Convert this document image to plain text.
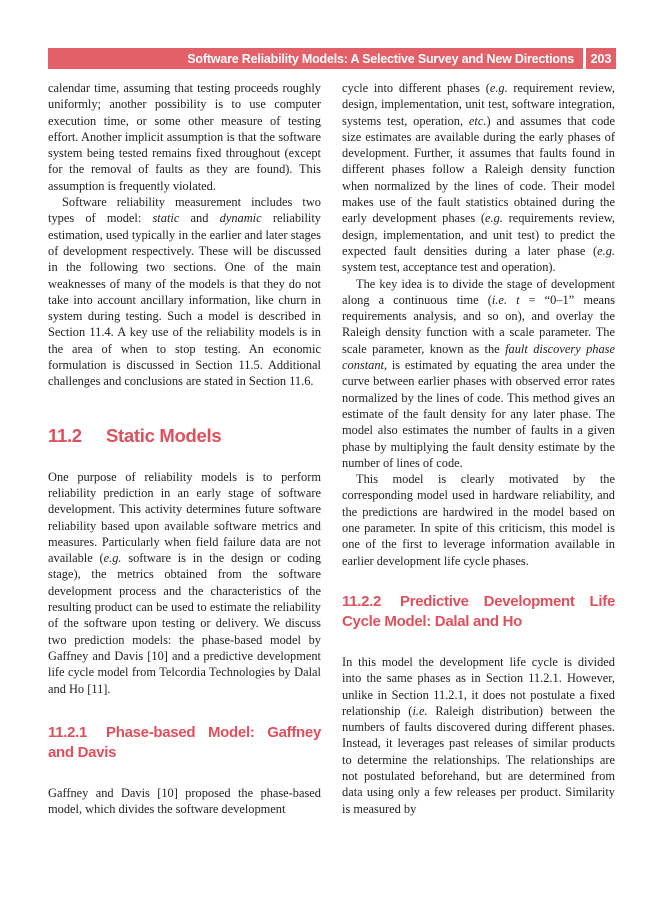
Software Reliability Models: A Selective Survey and New Directions	203

calendar time, assuming that testing proceeds roughly uniformly; another possibility is to use computer execution time, or some other measure of testing effort. Another implicit assumption is that the software system being tested remains fixed throughout (except for the removal of faults as they are found). This assumption is frequently violated.

Software reliability measurement includes two types of model: static and dynamic reliability estimation, used typically in the earlier and later stages of development respectively. These will be discussed in the following two sections. One of the main weaknesses of many of the models is that they do not take into account ancillary information, like churn in system during testing. Such a model is described in Section 11.4. A key use of the reliability models is in the area of when to stop testing. An economic formulation is discussed in Section 11.5. Additional challenges and conclusions are stated in Section 11.6.

11.2 Static Models

One purpose of reliability models is to perform reliability prediction in an early stage of software development. This activity determines future software reliability based upon available software metrics and measures. Particularly when field failure data are not available (e.g. software is in the design or coding stage), the metrics obtained from the software development process and the characteristics of the resulting product can be used to estimate the reliability of the software upon testing or delivery. We discuss two prediction models: the phase-based model by Gaffney and Davis [10] and a predictive development life cycle model from Telcordia Technologies by Dalal and Ho [11].

11.2.1 Phase-based Model: Gaffney and Davis

Gaffney and Davis [10] proposed the phase-based model, which divides the software development

cycle into different phases (e.g. requirement review, design, implementation, unit test, software integration, systems test, operation, etc.) and assumes that code size estimates are available during the early phases of development. Further, it assumes that faults found in different phases follow a Raleigh density function when normalized by the lines of code. Their model makes use of the fault statistics obtained during the early development phases (e.g. requirements review, design, implementation, and unit test) to predict the expected fault densities during a later phase (e.g. system test, acceptance test and operation).

The key idea is to divide the stage of development along a continuous time (i.e. t = “0–1” means requirements analysis, and so on), and overlay the Raleigh density function with a scale parameter. The scale parameter, known as the fault discovery phase constant, is estimated by equating the area under the curve between earlier phases with observed error rates normalized by the lines of code. This method gives an estimate of the fault density for any later phase. The model also estimates the number of faults in a given phase by multiplying the fault density estimate by the number of lines of code.

This model is clearly motivated by the corresponding model used in hardware reliability, and the predictions are hardwired in the model based on one parameter. In spite of this criticism, this model is one of the first to leverage information available in earlier development life cycle phases.

11.2.2 Predictive Development Life Cycle Model: Dalal and Ho

In this model the development life cycle is divided into the same phases as in Section 11.2.1. However, unlike in Section 11.2.1, it does not postulate a fixed relationship (i.e. Raleigh distribution) between the numbers of faults discovered during different phases. Instead, it leverages past releases of similar products to determine the relationships. The relationships are not postulated beforehand, but are determined from data using only a few releases per product. Similarity is measured by
